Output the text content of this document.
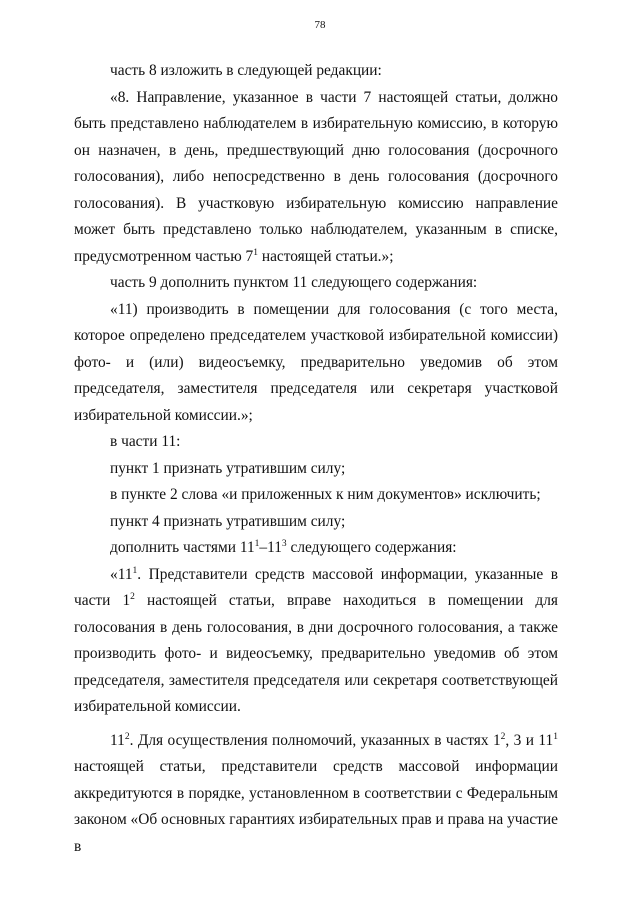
78

часть 8 изложить в следующей редакции:

«8. Направление, указанное в части 7 настоящей статьи, должно быть представлено наблюдателем в избирательную комиссию, в которую он назначен, в день, предшествующий дню голосования (досрочного голосования), либо непосредственно в день голосования (досрочного голосования). В участковую избирательную комиссию направление может быть представлено только наблюдателем, указанным в списке, предусмотренном частью $7^1$ настоящей статьи.»;

часть 9 дополнить пунктом 11 следующего содержания:

«11) производить в помещении для голосования (с того места, которое определено председателем участковой избирательной комиссии) фото- и (или) видеосъемку, предварительно уведомив об этом председателя, заместителя председателя или секретаря участковой избирательной комиссии.»;

в части 11:

пункт 1 признать утратившим силу;

в пункте 2 слова «и приложенных к ним документов» исключить;

пункт 4 признать утратившим силу;

дополнить частями $11^1-11^3$ следующего содержания:

«$11^1$. Представители средств массовой информации, указанные в части $1^2$ настоящей статьи, вправе находиться в помещении для голосования в день голосования, в дни досрочного голосования, а также производить фото- и видеосъемку, предварительно уведомив об этом председателя, заместителя председателя или секретаря соответствующей избирательной комиссии.

$11^2$. Для осуществления полномочий, указанных в частях $1^2$, 3 и $11^1$ настоящей статьи, представители средств массовой информации аккредитуются в порядке, установленном в соответствии с Федеральным законом «Об основных гарантиях избирательных прав и права на участие в
